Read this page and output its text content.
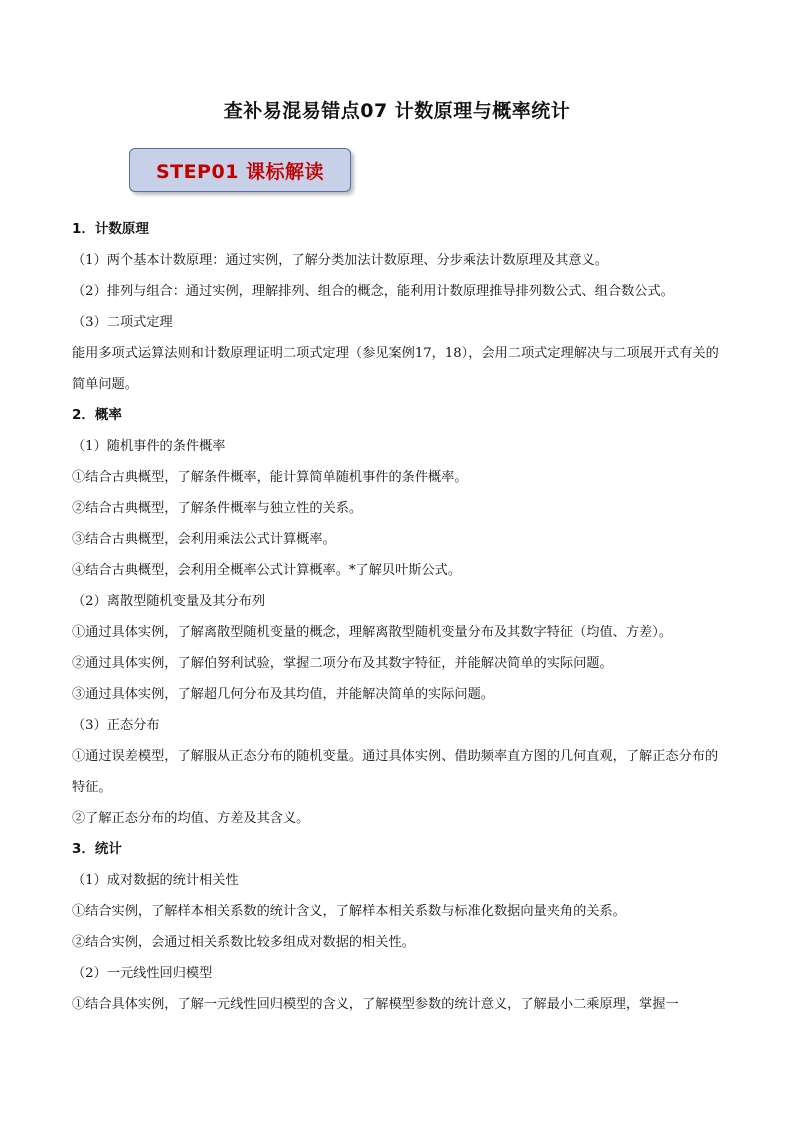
查补易混易错点07 计数原理与概率统计
STEP01 课标解读
1．计数原理
（1）两个基本计数原理：通过实例，了解分类加法计数原理、分步乘法计数原理及其意义。
（2）排列与组合：通过实例，理解排列、组合的概念，能利用计数原理推导排列数公式、组合数公式。
（3）二项式定理
能用多项式运算法则和计数原理证明二项式定理（参见案例17，18），会用二项式定理解决与二项展开式有关的简单问题。
2．概率
（1）随机事件的条件概率
①结合古典概型，了解条件概率，能计算简单随机事件的条件概率。
②结合古典概型，了解条件概率与独立性的关系。
③结合古典概型，会利用乘法公式计算概率。
④结合古典概型，会利用全概率公式计算概率。*了解贝叶斯公式。
（2）离散型随机变量及其分布列
①通过具体实例，了解离散型随机变量的概念，理解离散型随机变量分布及其数字特征（均值、方差）。
②通过具体实例，了解伯努利试验，掌握二项分布及其数字特征，并能解决简单的实际问题。
③通过具体实例，了解超几何分布及其均值，并能解决简单的实际问题。
（3）正态分布
①通过误差模型，了解服从正态分布的随机变量。通过具体实例、借助频率直方图的几何直观，了解正态分布的特征。
②了解正态分布的均值、方差及其含义。
3．统计
（1）成对数据的统计相关性
①结合实例，了解样本相关系数的统计含义，了解样本相关系数与标准化数据向量夹角的关系。
②结合实例，会通过相关系数比较多组成对数据的相关性。
（2）一元线性回归模型
①结合具体实例，了解一元线性回归模型的含义，了解模型参数的统计意义，了解最小二乘原理，掌握一
